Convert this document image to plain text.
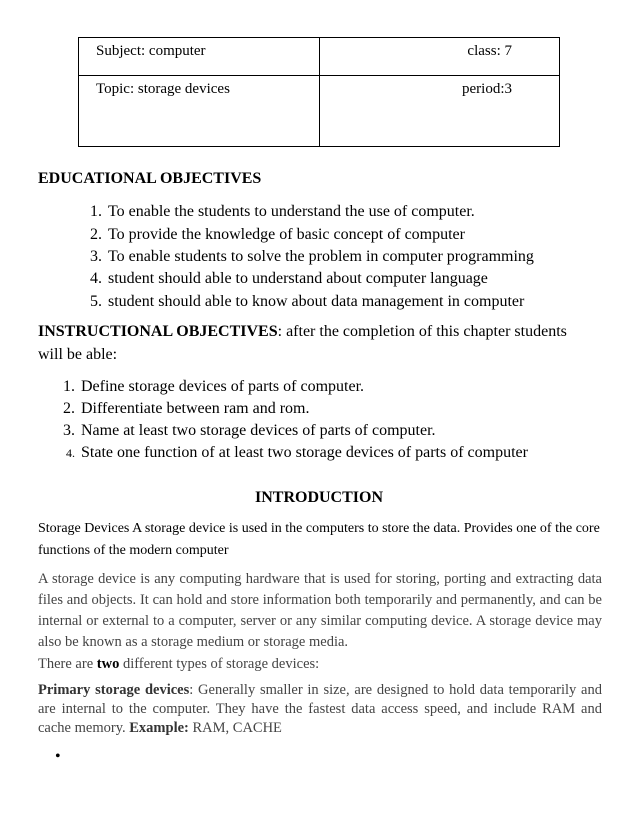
Subject: computer	class: 7
Topic: storage devices	period:3
EDUCATIONAL OBJECTIVES
1. To enable the students to understand the use of computer.
2. To provide the knowledge of basic concept of computer
3. To enable students to solve the problem in computer programming
4. student should able to understand about computer language
5. student should able to know about data management in computer
INSTRUCTIONAL OBJECTIVES: after the completion of this chapter students
will be able:
1. Define storage devices of parts of computer.
2. Differentiate between ram and rom.
3. Name at least two storage devices of parts of computer.
4. State one function of at least two storage devices of parts of computer
INTRODUCTION
Storage Devices A storage device is used in the computers to store the data. Provides one of the core functions of the modern computer
A storage device is any computing hardware that is used for storing, porting and extracting data files and objects. It can hold and store information both temporarily and permanently, and can be internal or external to a computer, server or any similar computing device. A storage device may also be known as a storage medium or storage media.
There are two different types of storage devices:
Primary storage devices: Generally smaller in size, are designed to hold data temporarily and are internal to the computer. They have the fastest data access speed, and include RAM and cache memory. Example: RAM, CACHE
•
